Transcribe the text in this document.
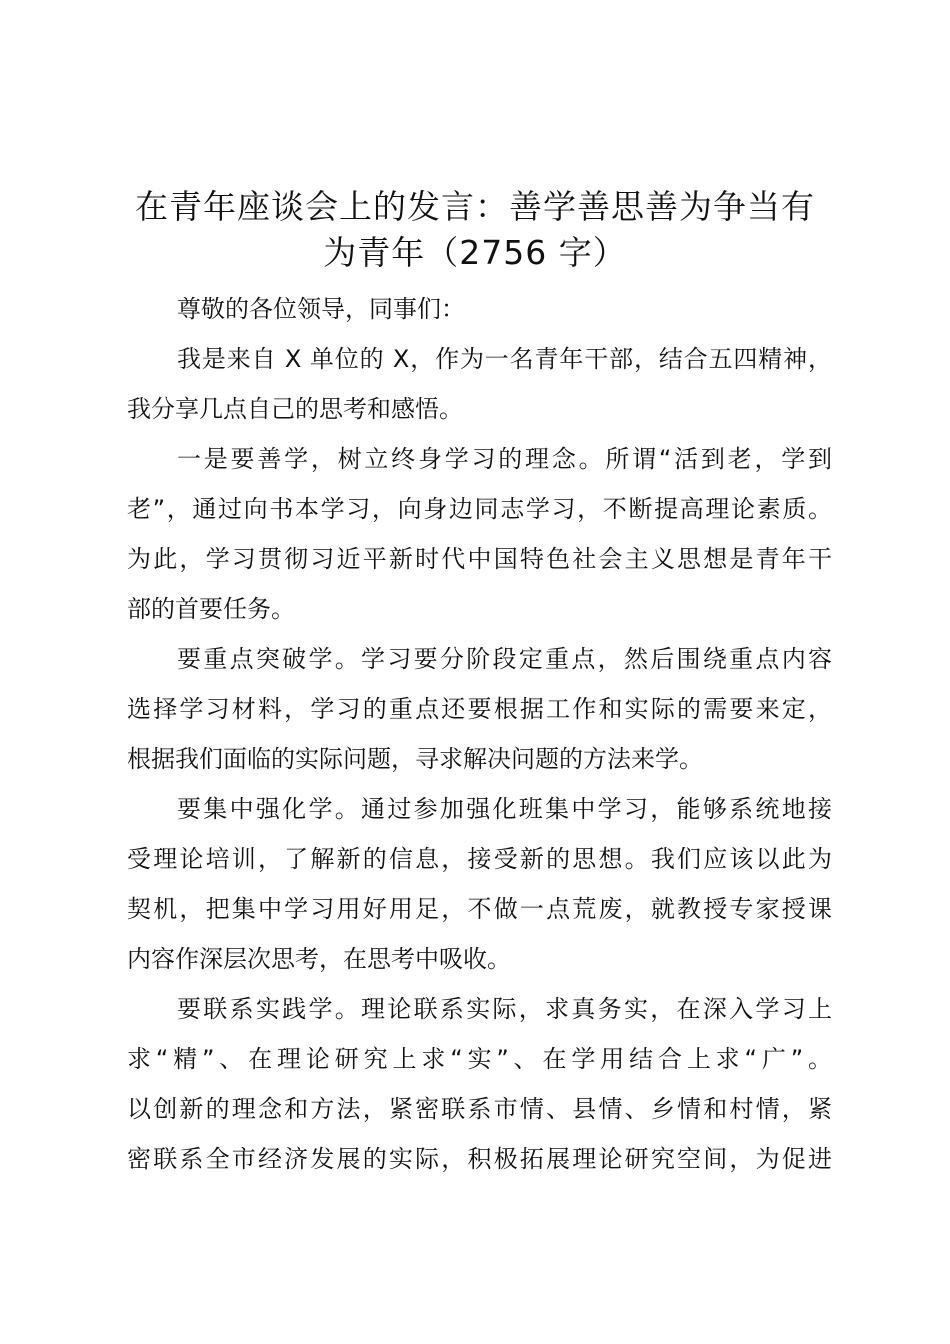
在青年座谈会上的发言：善学善思善为争当有
为青年（2756 字）

尊敬的各位领导，同事们：

我是来自 X 单位的 X，作为一名青年干部，结合五四精神，
我分享几点自己的思考和感悟。

一是要善学，树立终身学习的理念。所谓“活到老，学到
老”，通过向书本学习，向身边同志学习，不断提高理论素质。
为此，学习贯彻习近平新时代中国特色社会主义思想是青年干
部的首要任务。

要重点突破学。学习要分阶段定重点，然后围绕重点内容
选择学习材料，学习的重点还要根据工作和实际的需要来定，
根据我们面临的实际问题，寻求解决问题的方法来学。

要集中强化学。通过参加强化班集中学习，能够系统地接
受理论培训，了解新的信息，接受新的思想。我们应该以此为
契机，把集中学习用好用足，不做一点荒废，就教授专家授课
内容作深层次思考，在思考中吸收。

要联系实践学。理论联系实际，求真务实，在深入学习上
求“精”、在理论研究上求“实”、在学用结合上求“广”。
以创新的理念和方法，紧密联系市情、县情、乡情和村情，紧
密联系全市经济发展的实际，积极拓展理论研究空间，为促进
